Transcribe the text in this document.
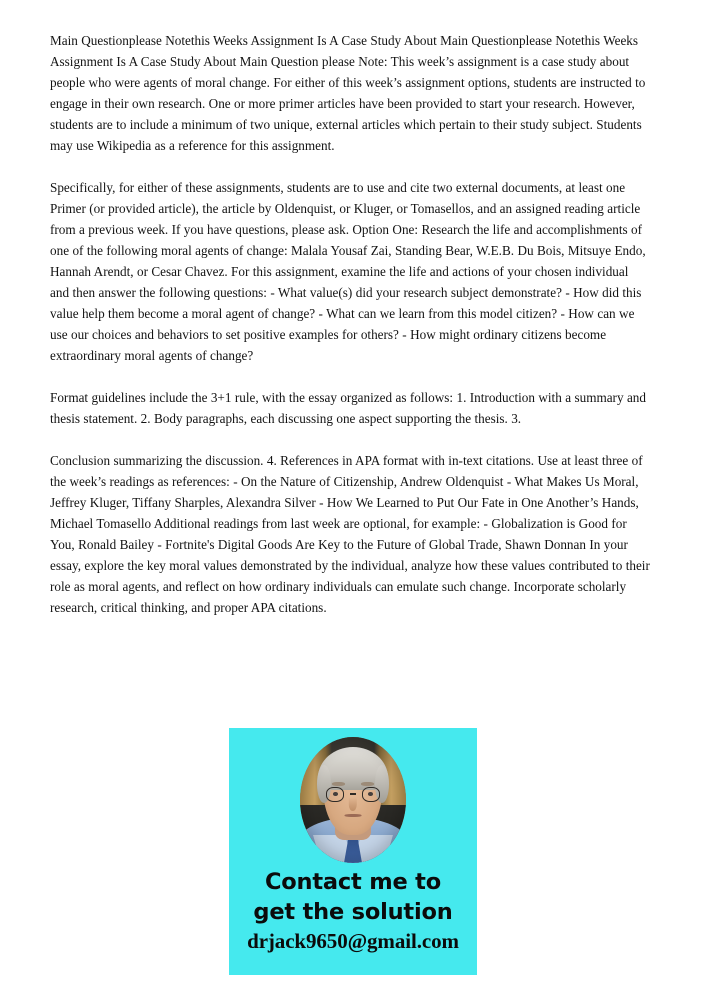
Main Questionplease Notethis Weeks Assignment Is A Case Study About Main Questionplease Notethis Weeks Assignment Is A Case Study About Main Question please Note: This week’s assignment is a case study about people who were agents of moral change. For either of this week’s assignment options, students are instructed to engage in their own research. One or more primer articles have been provided to start your research. However, students are to include a minimum of two unique, external articles which pertain to their study subject. Students may use Wikipedia as a reference for this assignment.

Specifically, for either of these assignments, students are to use and cite two external documents, at least one Primer (or provided article), the article by Oldenquist, or Kluger, or Tomasellos, and an assigned reading article from a previous week. If you have questions, please ask. Option One: Research the life and accomplishments of one of the following moral agents of change: Malala Yousaf Zai, Standing Bear, W.E.B. Du Bois, Mitsuye Endo, Hannah Arendt, or Cesar Chavez. For this assignment, examine the life and actions of your chosen individual and then answer the following questions: - What value(s) did your research subject demonstrate? - How did this value help them become a moral agent of change? - What can we learn from this model citizen? - How can we use our choices and behaviors to set positive examples for others? - How might ordinary citizens become extraordinary moral agents of change?

Format guidelines include the 3+1 rule, with the essay organized as follows: 1. Introduction with a summary and thesis statement. 2. Body paragraphs, each discussing one aspect supporting the thesis. 3.

Conclusion summarizing the discussion. 4. References in APA format with in-text citations. Use at least three of the week’s readings as references: - On the Nature of Citizenship, Andrew Oldenquist - What Makes Us Moral, Jeffrey Kluger, Tiffany Sharples, Alexandra Silver - How We Learned to Put Our Fate in One Another’s Hands, Michael Tomasello Additional readings from last week are optional, for example: - Globalization is Good for You, Ronald Bailey - Fortnite's Digital Goods Are Key to the Future of Global Trade, Shawn Donnan In your essay, explore the key moral values demonstrated by the individual, analyze how these values contributed to their role as moral agents, and reflect on how ordinary individuals can emulate such change. Incorporate scholarly research, critical thinking, and proper APA citations.

Contact me to
get the solution
drjack9650@gmail.com
